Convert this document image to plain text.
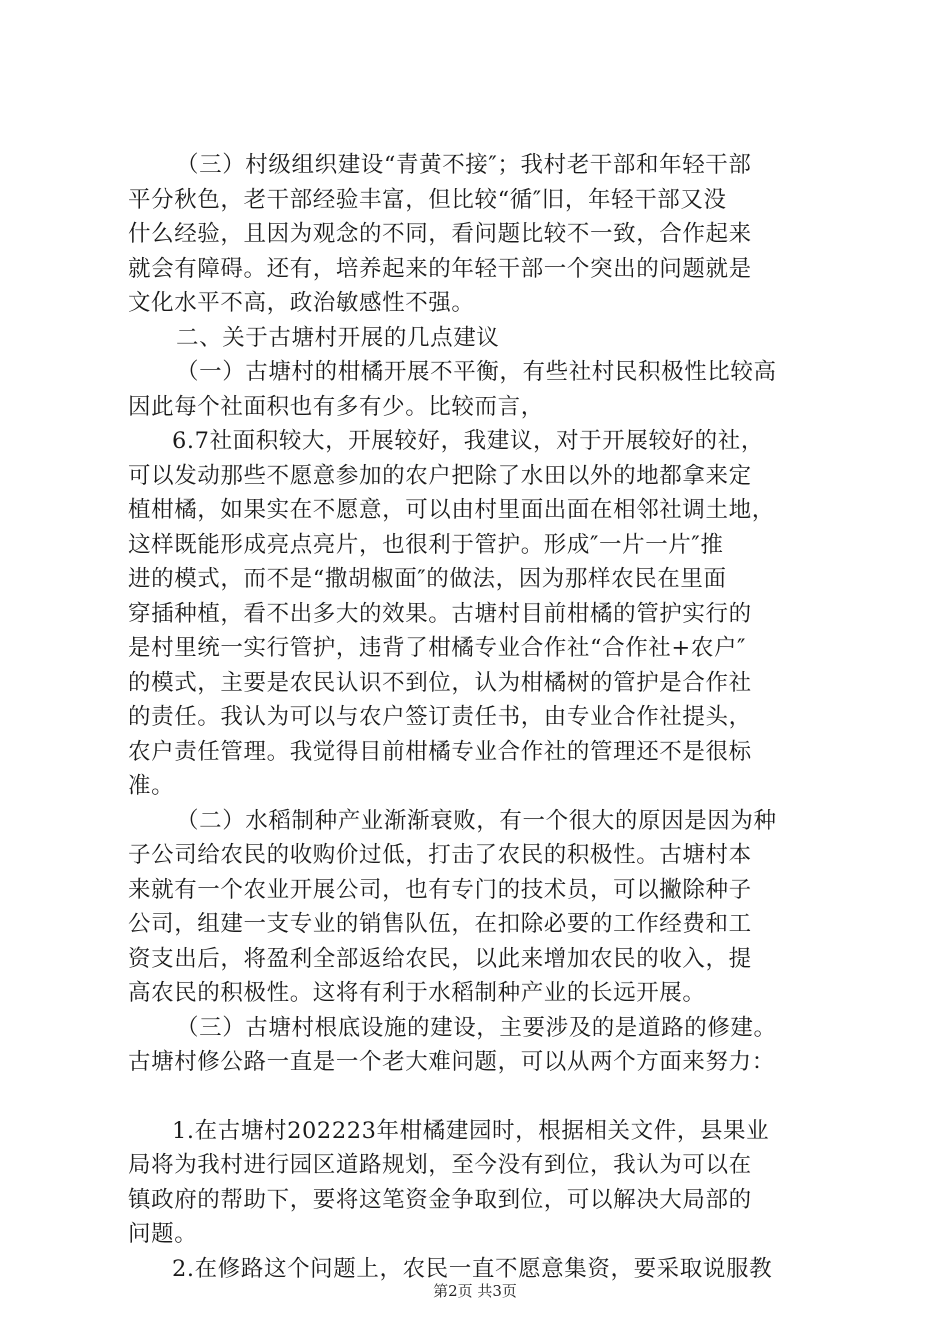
（三）村级组织建设“青黄不接″；我村老干部和年轻干部
平分秋色，老干部经验丰富，但比较“循″旧，年轻干部又没
什么经验，且因为观念的不同，看问题比较不一致，合作起来
就会有障碍。还有，培养起来的年轻干部一个突出的问题就是
文化水平不高，政治敏感性不强。
二、关于古塘村开展的几点建议
（一）古塘村的柑橘开展不平衡，有些社村民积极性比较高
因此每个社面积也有多有少。比较而言，
6.7社面积较大，开展较好，我建议，对于开展较好的社，
可以发动那些不愿意参加的农户把除了水田以外的地都拿来定
植柑橘，如果实在不愿意，可以由村里面出面在相邻社调土地，
这样既能形成亮点亮片，也很利于管护。形成″一片一片″推
进的模式，而不是“撒胡椒面″的做法，因为那样农民在里面
穿插种植，看不出多大的效果。古塘村目前柑橘的管护实行的
是村里统一实行管护，违背了柑橘专业合作社“合作社+农户″
的模式，主要是农民认识不到位，认为柑橘树的管护是合作社
的责任。我认为可以与农户签订责任书，由专业合作社提头，
农户责任管理。我觉得目前柑橘专业合作社的管理还不是很标
准。
（二）水稻制种产业渐渐衰败，有一个很大的原因是因为种
子公司给农民的收购价过低，打击了农民的积极性。古塘村本
来就有一个农业开展公司，也有专门的技术员，可以撇除种子
公司，组建一支专业的销售队伍，在扣除必要的工作经费和工
资支出后，将盈利全部返给农民，以此来增加农民的收入，提
高农民的积极性。这将有利于水稻制种产业的长远开展。
（三）古塘村根底设施的建设，主要涉及的是道路的修建。
古塘村修公路一直是一个老大难问题，可以从两个方面来努力：
1.在古塘村202223年柑橘建园时，根据相关文件，县果业
局将为我村进行园区道路规划，至今没有到位，我认为可以在
镇政府的帮助下，要将这笔资金争取到位，可以解决大局部的
问题。
2.在修路这个问题上，农民一直不愿意集资，要采取说服教
第2页 共3页
